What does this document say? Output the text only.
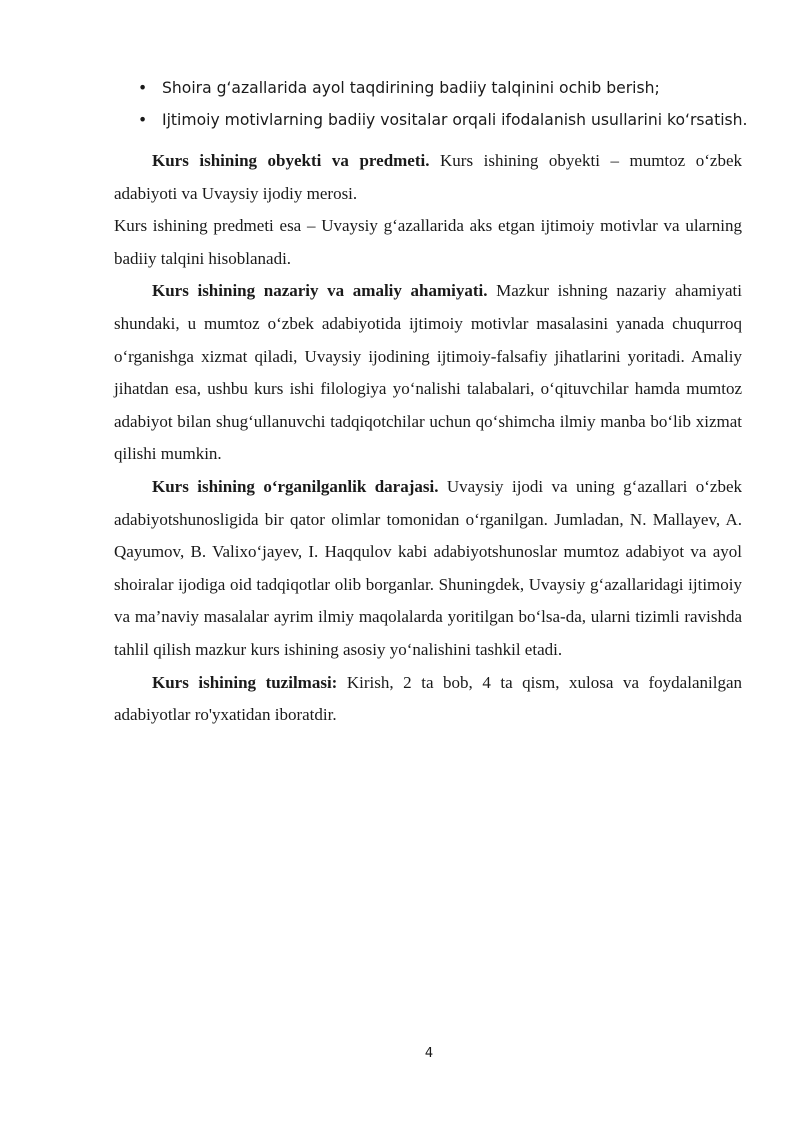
• Shoira g‘azallarida ayol taqdirining badiiy talqinini ochib berish;
• Ijtimoiy motivlarning badiiy vositalar orqali ifodalanish usullarini ko‘rsatish.

Kurs ishining obyekti va predmeti. Kurs ishining obyekti – mumtoz o‘zbek adabiyoti va Uvaysiy ijodiy merosi.

Kurs ishining predmeti esa – Uvaysiy g‘azallarida aks etgan ijtimoiy motivlar va ularning badiiy talqini hisoblanadi.

Kurs ishining nazariy va amaliy ahamiyati. Mazkur ishning nazariy ahamiyati shundaki, u mumtoz o‘zbek adabiyotida ijtimoiy motivlar masalasini yanada chuqurroq o‘rganishga xizmat qiladi, Uvaysiy ijodining ijtimoiy-falsafiy jihatlarini yoritadi. Amaliy jihatdan esa, ushbu kurs ishi filologiya yo‘nalishi talabalari, o‘qituvchilar hamda mumtoz adabiyot bilan shug‘ullanuvchi tadqiqotchilar uchun qo‘shimcha ilmiy manba bo‘lib xizmat qilishi mumkin.

Kurs ishining o‘rganilganlik darajasi. Uvaysiy ijodi va uning g‘azallari o‘zbek adabiyotshunosligida bir qator olimlar tomonidan o‘rganilgan. Jumladan, N. Mallayev, A. Qayumov, B. Valixo‘jayev, I. Haqqulov kabi adabiyotshunoslar mumtoz adabiyot va ayol shoiralar ijodiga oid tadqiqotlar olib borganlar. Shuningdek, Uvaysiy g‘azallaridagi ijtimoiy va ma’naviy masalalar ayrim ilmiy maqolalarda yoritilgan bo‘lsa-da, ularni tizimli ravishda tahlil qilish mazkur kurs ishining asosiy yo‘nalishini tashkil etadi.

Kurs ishining tuzilmasi: Kirish, 2 ta bob, 4 ta qism, xulosa va foydalanilgan adabiyotlar ro'yxatidan iboratdir.

4
